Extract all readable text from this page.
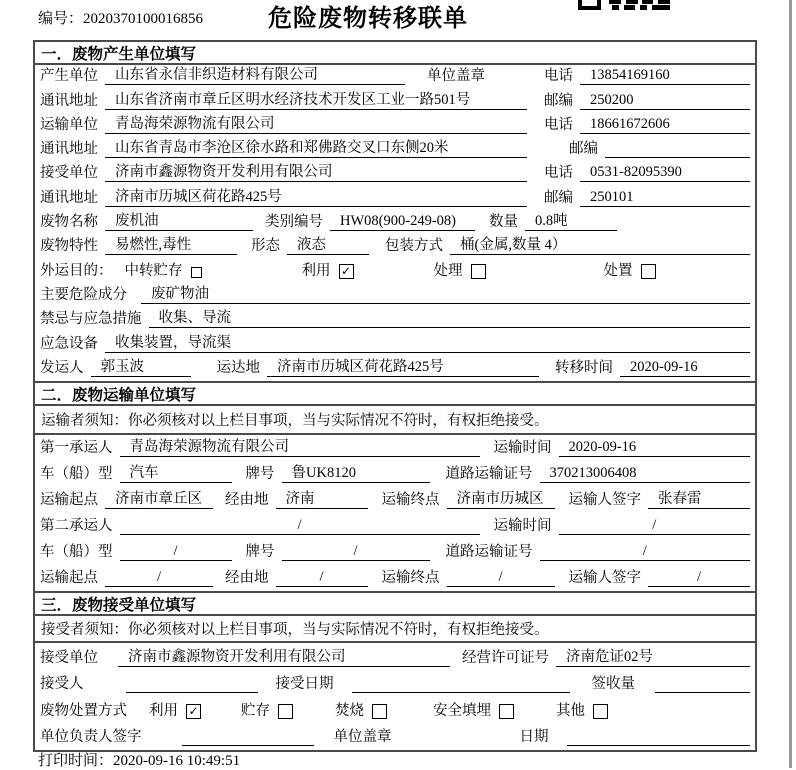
编号：2020370100016856	危险废物转移联单
一．废物产生单位填写
产生单位	山东省永信非织造材料有限公司	单位盖章	电话	13854169160
通讯地址	山东省济南市章丘区明水经济技术开发区工业一路501号	邮编	250200
运输单位	青岛海荣源物流有限公司	电话	18661672606
通讯地址	山东省青岛市李沧区徐水路和郑佛路交叉口东侧20米	邮编
接受单位	济南市鑫源物资开发利用有限公司	电话	0531-82095390
通讯地址	济南市历城区荷花路425号	邮编	250101
废物名称	废机油	类别编号	HW08(900-249-08)	数量	0.8吨
废物特性	易燃性,毒性	形态	液态	包装方式	桶(金属,数量 4）
外运目的： 中转贮存	利用 ✓	处理	处置
主要危险成分	废矿物油
禁忌与应急措施	收集、导流
应急设备	收集装置，导流渠
发运人	郭玉波	运达地	济南市历城区荷花路425号	转移时间	2020-09-16
二．废物运输单位填写
运输者须知： 你必须核对以上栏目事项，当与实际情况不符时，有权拒绝接受。
第一承运人	青岛海荣源物流有限公司	运输时间	2020-09-16
车（船）型	汽车	牌号	鲁UK8120	道路运输证号	370213006408
运输起点	济南市章丘区	经由地	济南	运输终点	济南市历城区	运输人签字	张春雷
第二承运人	/	运输时间	/
车（船）型	/	牌号	/	道路运输证号	/
运输起点	/	经由地	/	运输终点	/	运输人签字	/
三．废物接受单位填写
接受者须知： 你必须核对以上栏目事项，当与实际情况不符时，有权拒绝接受。
接受单位	济南市鑫源物资开发利用有限公司	经营许可证号	济南危证02号
接受人	接受日期	签收量
废物处置方式 利用 ✓	贮存	焚烧	安全填埋	其他
单位负责人签字	单位盖章	日期
打印时间：2020-09-16 10:49:51
